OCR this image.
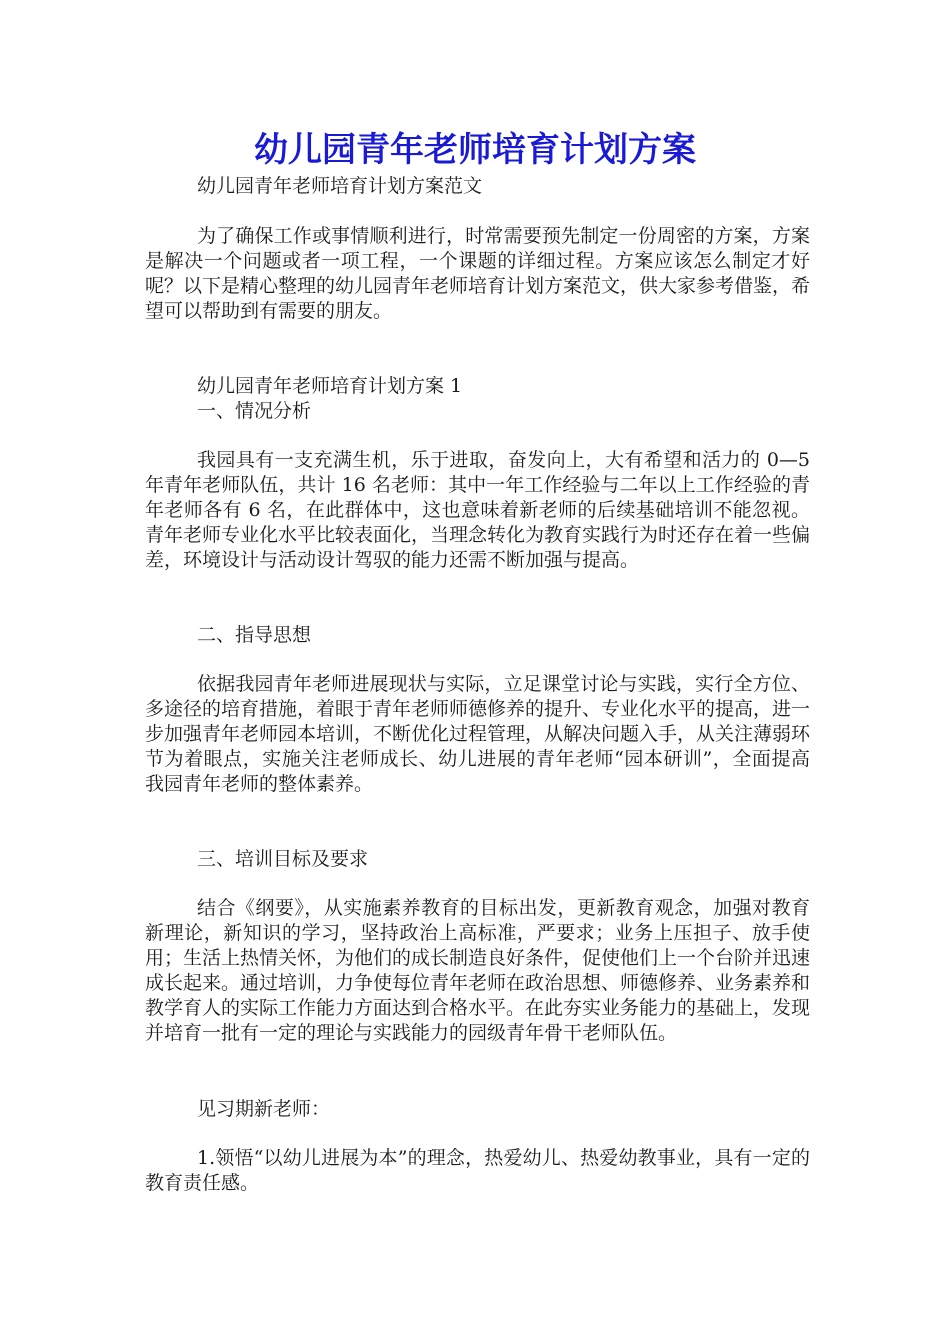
幼儿园青年老师培育计划方案

幼儿园青年老师培育计划方案范文

为了确保工作或事情顺利进行，时常需要预先制定一份周密的方案，方案是解决一个问题或者一项工程，一个课题的详细过程。方案应该怎么制定才好呢？以下是精心整理的幼儿园青年老师培育计划方案范文，供大家参考借鉴，希望可以帮助到有需要的朋友。

幼儿园青年老师培育计划方案 1

一、情况分析

我园具有一支充满生机，乐于进取，奋发向上，大有希望和活力的 0—5 年青年老师队伍，共计 16 名老师：其中一年工作经验与二年以上工作经验的青年老师各有 6 名，在此群体中，这也意味着新老师的后续基础培训不能忽视。青年老师专业化水平比较表面化，当理念转化为教育实践行为时还存在着一些偏差，环境设计与活动设计驾驭的能力还需不断加强与提高。

二、指导思想

依据我园青年老师进展现状与实际，立足课堂讨论与实践，实行全方位、多途径的培育措施，着眼于青年老师师德修养的提升、专业化水平的提高，进一步加强青年老师园本培训，不断优化过程管理，从解决问题入手，从关注薄弱环节为着眼点，实施关注老师成长、幼儿进展的青年老师“园本研训”，全面提高我园青年老师的整体素养。

三、培训目标及要求

结合《纲要》，从实施素养教育的目标出发，更新教育观念，加强对教育新理论，新知识的学习，坚持政治上高标准，严要求；业务上压担子、放手使用；生活上热情关怀，为他们的成长制造良好条件，促使他们上一个台阶并迅速成长起来。通过培训，力争使每位青年老师在政治思想、师德修养、业务素养和教学育人的实际工作能力方面达到合格水平。在此夯实业务能力的基础上，发现并培育一批有一定的理论与实践能力的园级青年骨干老师队伍。

见习期新老师：

1.领悟“以幼儿进展为本”的理念，热爱幼儿、热爱幼教事业，具有一定的教育责任感。
